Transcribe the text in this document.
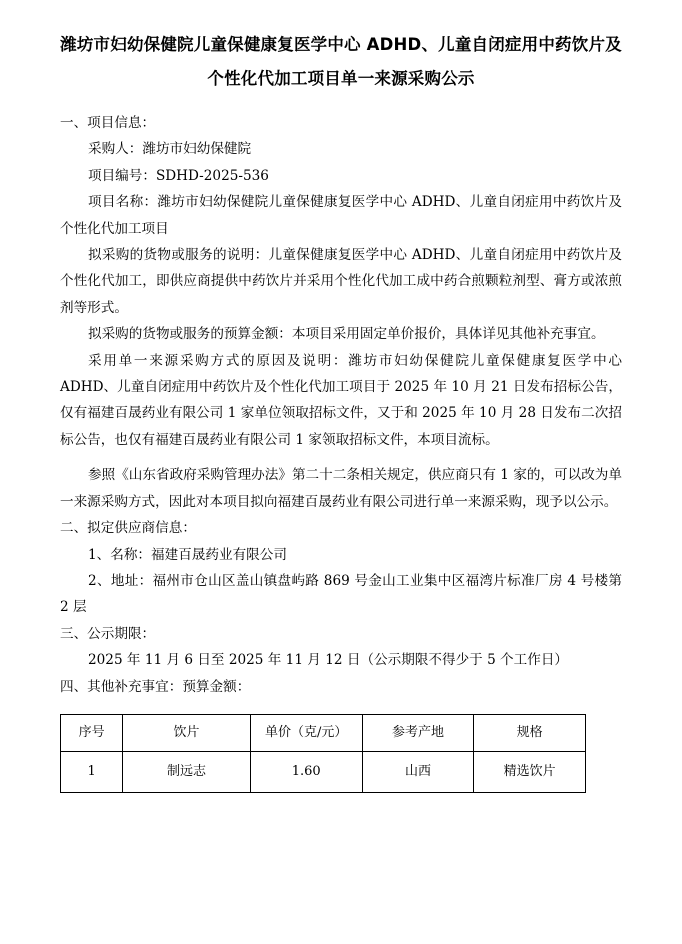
潍坊市妇幼保健院儿童保健康复医学中心 ADHD、儿童自闭症用中药饮片及
个性化代加工项目单一来源采购公示

一、项目信息：

采购人：潍坊市妇幼保健院

项目编号：SDHD-2025-536

项目名称：潍坊市妇幼保健院儿童保健康复医学中心 ADHD、儿童自闭症用中药饮片及个性化代加工项目

拟采购的货物或服务的说明：儿童保健康复医学中心 ADHD、儿童自闭症用中药饮片及个性化代加工，即供应商提供中药饮片并采用个性化代加工成中药合煎颗粒剂型、膏方或浓煎剂等形式。

拟采购的货物或服务的预算金额：本项目采用固定单价报价，具体详见其他补充事宜。

采用单一来源采购方式的原因及说明：潍坊市妇幼保健院儿童保健康复医学中心 ADHD、儿童自闭症用中药饮片及个性化代加工项目于 2025 年 10 月 21 日发布招标公告，仅有福建百晟药业有限公司 1 家单位领取招标文件，又于和 2025 年 10 月 28 日发布二次招标公告，也仅有福建百晟药业有限公司 1 家领取招标文件，本项目流标。

参照《山东省政府采购管理办法》第二十二条相关规定，供应商只有 1 家的，可以改为单一来源采购方式，因此对本项目拟向福建百晟药业有限公司进行单一来源采购，现予以公示。

二、拟定供应商信息：

1、名称：福建百晟药业有限公司

2、地址：福州市仓山区盖山镇盘屿路 869 号金山工业集中区福湾片标准厂房 4 号楼第 2 层

三、公示期限：

2025 年 11 月 6 日至 2025 年 11 月 12 日（公示期限不得少于 5 个工作日）

四、其他补充事宜：预算金额：

序号	饮片	单价（克/元）	参考产地	规格
1	制远志	1.60	山西	精选饮片
